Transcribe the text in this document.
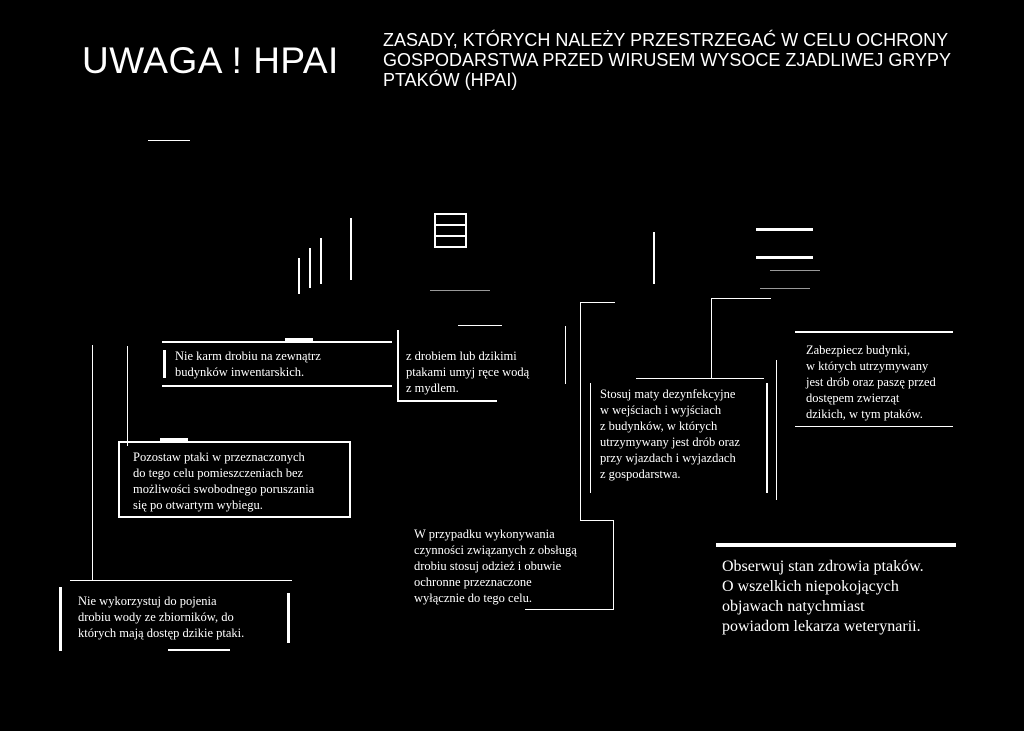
UWAGA ! HPAI ZASADY, KTÓRYCH NALEŻY PRZESTRZEGAĆ W CELU OCHRONY
GOSPODARSTWA PRZED WIRUSEM WYSOCE ZJADLIWEJ GRYPY
PTAKÓW (HPAI)
Nie karm drobiu na zewnątrz
budynków inwentarskich.
z drobiem lub dzikimi
ptakami umyj ręce wodą
z mydlem.
Pozostaw ptaki w przeznaczonych
do tego celu pomieszczeniach bez
możliwości swobodnego poruszania
się po otwartym wybiegu.
Nie wykorzystuj do pojenia
drobiu wody ze zbiorników, do
których mają dostęp dzikie ptaki.
Stosuj maty dezynfekcyjne
w wejściach i wyjściach
z budynków, w których
utrzymywany jest drób oraz
przy wjazdach i wyjazdach
z gospodarstwa.
Zabezpiecz budynki,
w których utrzymywany
jest drób oraz paszę przed
dostępem zwierząt
dzikich, w tym ptaków.
W przypadku wykonywania
czynności związanych z obsługą
drobiu stosuj odzież i obuwie
ochronne przeznaczone
wyłącznie do tego celu.
Obserwuj stan zdrowia ptaków.
O wszelkich niepokojących
objawach natychmiast
powiadom lekarza weterynarii.
